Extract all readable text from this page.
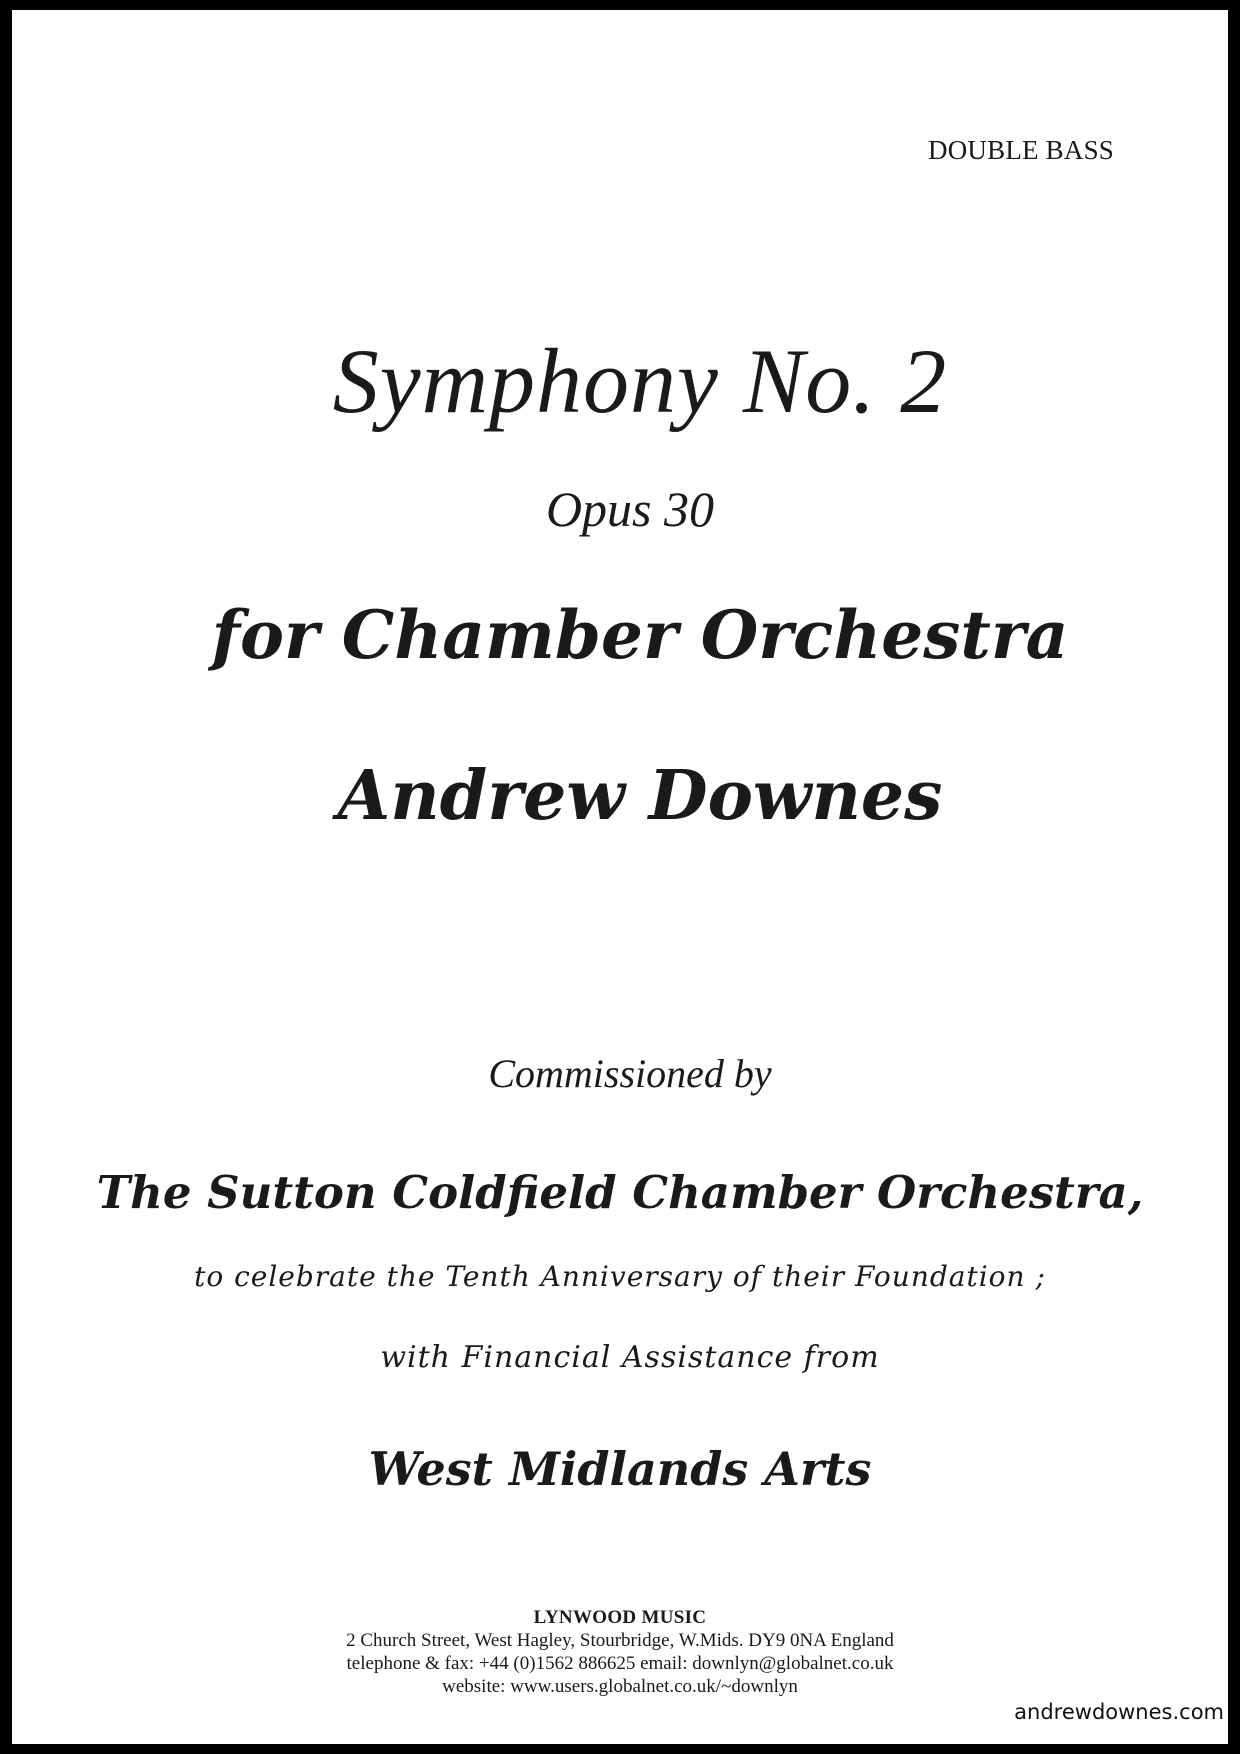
DOUBLE BASS
Symphony No. 2
Opus 30
for Chamber Orchestra
Andrew Downes
Commissioned by
The Sutton Coldfield Chamber Orchestra,
to celebrate the Tenth Anniversary of their Foundation ;
with Financial Assistance from
West Midlands Arts
LYNWOOD MUSIC
2 Church Street, West Hagley, Stourbridge, W.Mids. DY9 0NA England
telephone & fax: +44 (0)1562 886625 email: downlyn@globalnet.co.uk
website: www.users.globalnet.co.uk/~downlyn
andrewdownes.com
